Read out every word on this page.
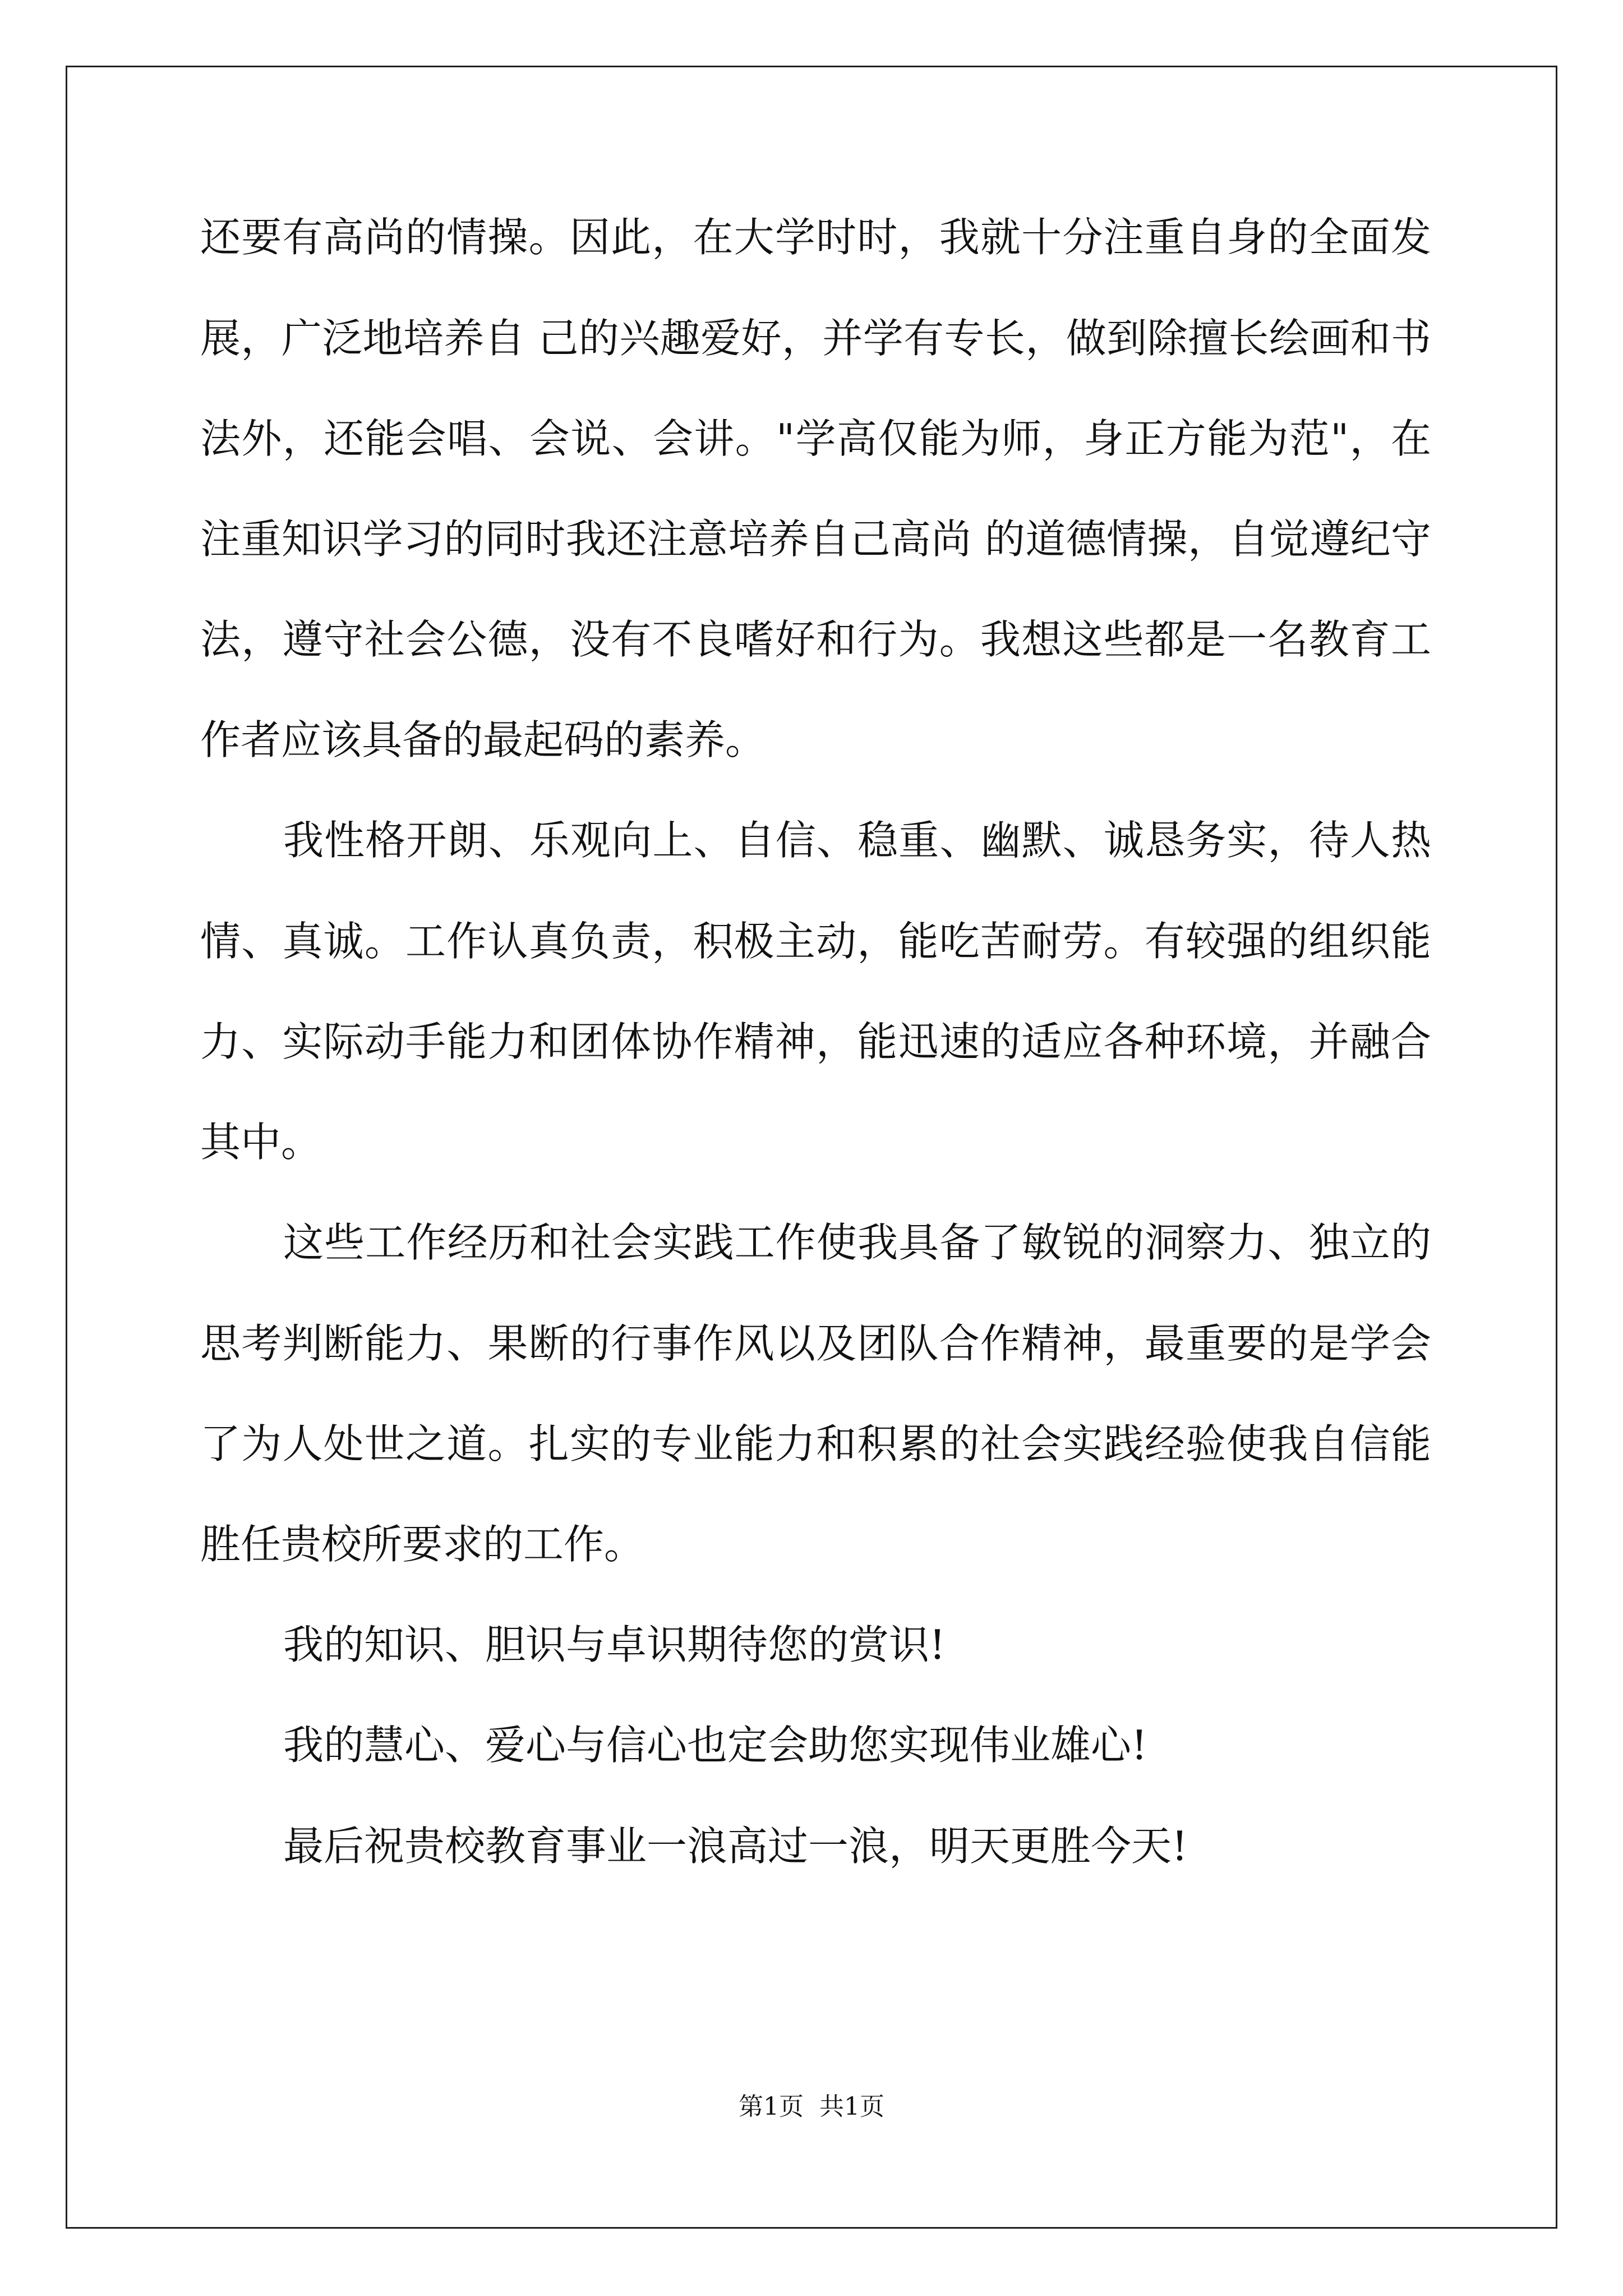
还要有高尚的情操。因此，在大学时时，我就十分注重自身的全面发
展，广泛地培养自 己的兴趣爱好，并学有专长，做到除擅长绘画和书
法外，还能会唱、会说、会讲。"学高仅能为师，身正方能为范"，在
注重知识学习的同时我还注意培养自己高尚 的道德情操，自觉遵纪守
法，遵守社会公德，没有不良嗜好和行为。我想这些都是一名教育工
作者应该具备的最起码的素养。
我性格开朗、乐观向上、自信、稳重、幽默、诚恳务实，待人热
情、真诚。工作认真负责，积极主动，能吃苦耐劳。有较强的组织能
力、实际动手能力和团体协作精神，能迅速的适应各种环境，并融合
其中。
这些工作经历和社会实践工作使我具备了敏锐的洞察力、独立的
思考判断能力、果断的行事作风以及团队合作精神，最重要的是学会
了为人处世之道。扎实的专业能力和积累的社会实践经验使我自信能
胜任贵校所要求的工作。
我的知识、胆识与卓识期待您的赏识!
我的慧心、爱心与信心也定会助您实现伟业雄心!
最后祝贵校教育事业一浪高过一浪，明天更胜今天!
第1页 共1页
